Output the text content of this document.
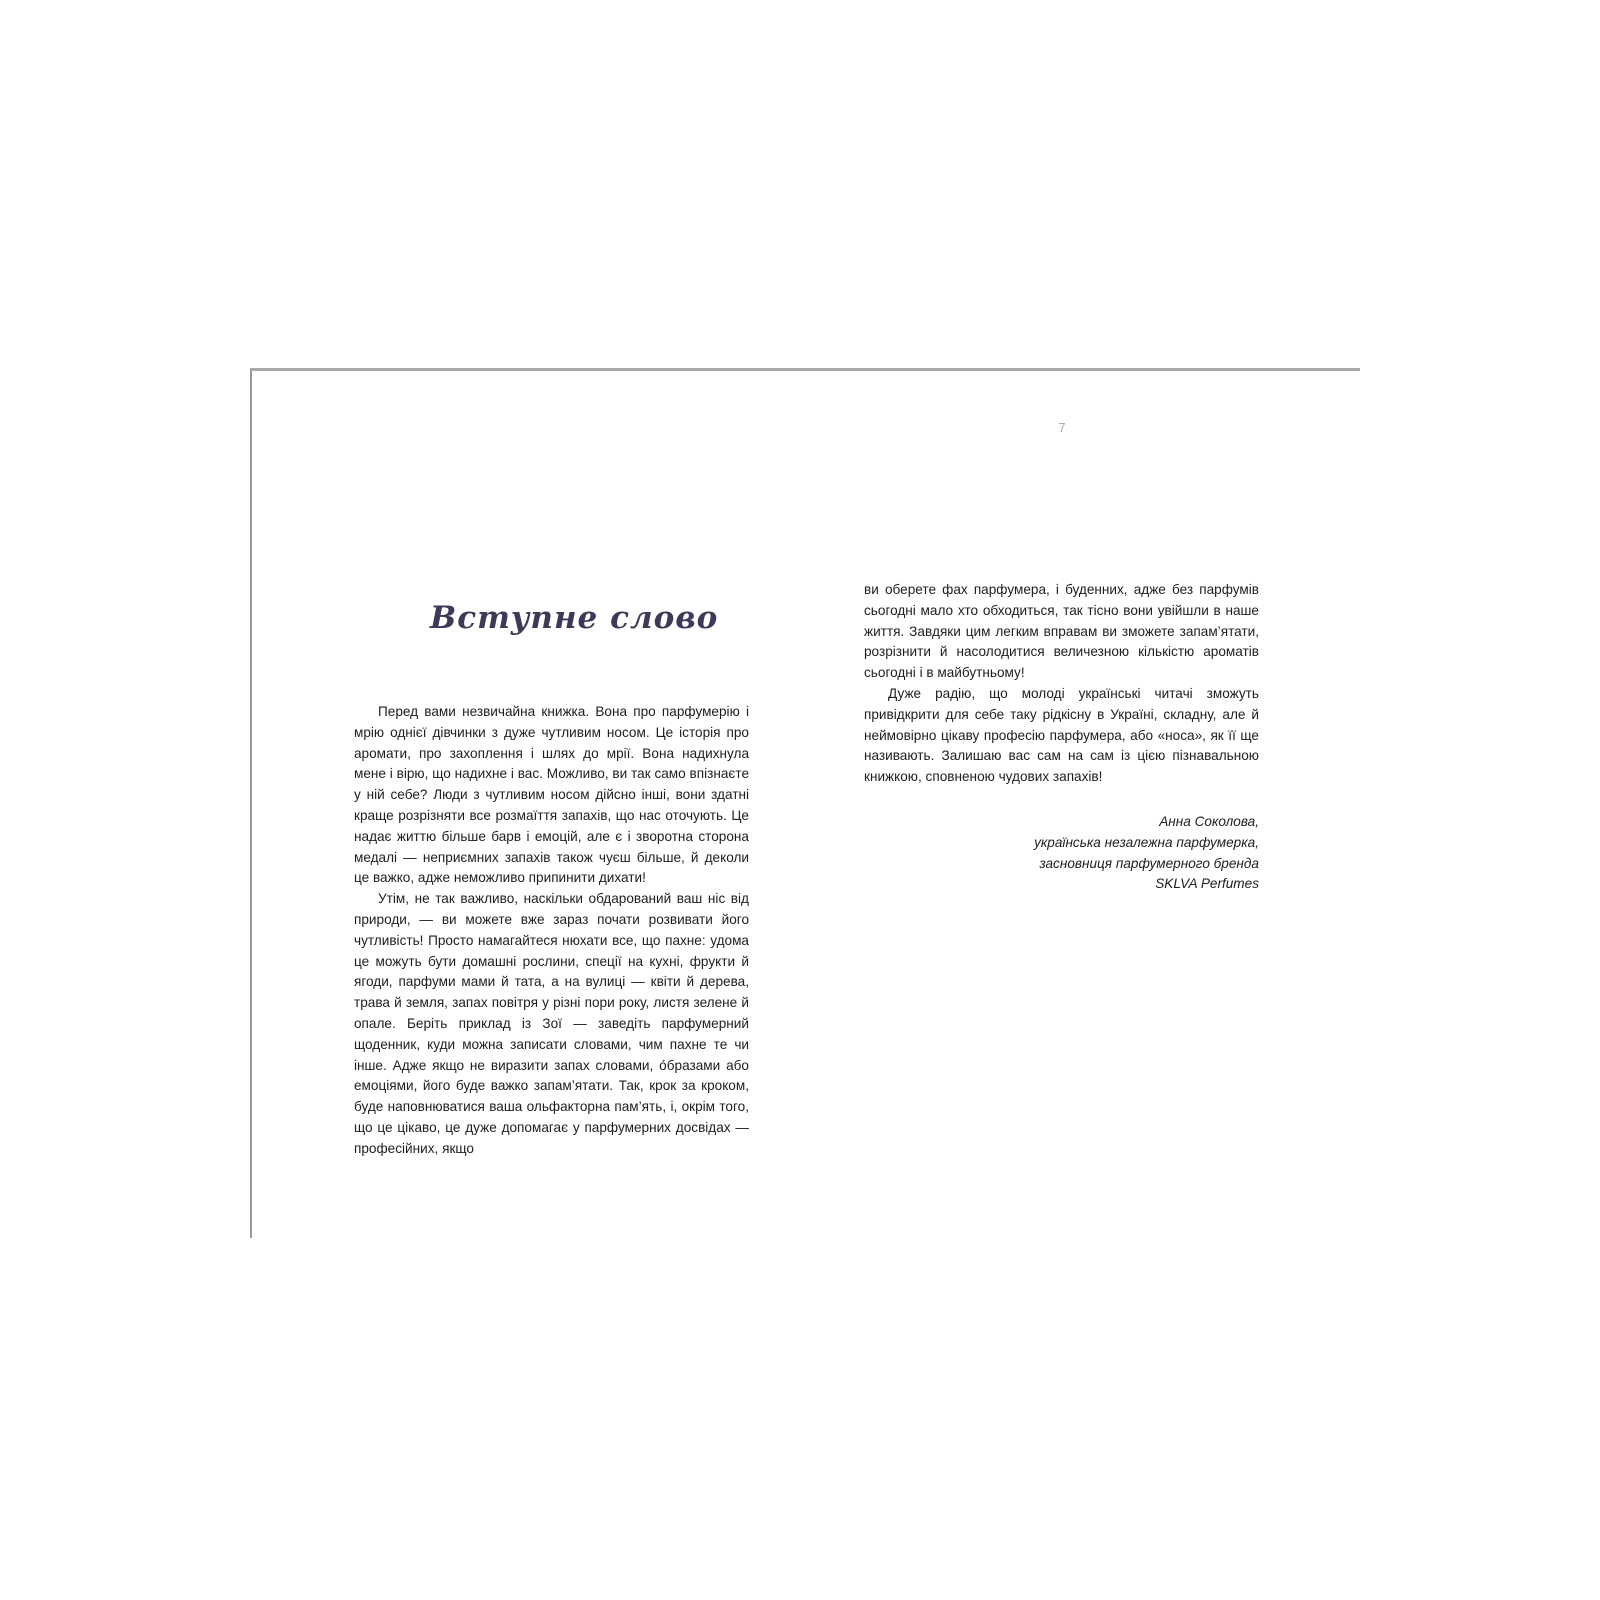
7
Вступне слово

Перед вами незвичайна книжка. Вона про парфумерію і мрію однієї дівчинки з дуже чутливим носом. Це історія про аромати, про захоплення і шлях до мрії. Вона надихнула мене і вірю, що надихне і вас. Можливо, ви так само впізнаєте у ній себе? Люди з чутливим носом дійсно інші, вони здатні краще розрізняти все розмаїття запахів, що нас оточують. Це надає життю більше барв і емоцій, але є і зворотна сторона медалі — неприємних запахів також чуєш більше, й деколи це важко, адже неможливо припинити дихати!

Утім, не так важливо, наскільки обдарований ваш ніс від природи, — ви можете вже зараз почати розвивати його чутливість! Просто намагайтеся нюхати все, що пахне: удома це можуть бути домашні рослини, спеції на кухні, фрукти й ягоди, парфуми мами й тата, а на вулиці — квіти й дерева, трава й земля, запах повітря у різні пори року, листя зелене й опале. Беріть приклад із Зої — заведіть парфумерний щоденник, куди можна записати словами, чим пахне те чи інше. Адже якщо не виразити запах словами, о́бразами або емоціями, його буде важко запам’ятати. Так, крок за кроком, буде наповнюватися ваша ольфакторна пам’ять, і, окрім того, що це цікаво, це дуже допомагає у парфумерних досвідах — професійних, якщо

ви оберете фах парфумера, і буденних, адже без парфумів сьогодні мало хто обходиться, так тісно вони увійшли в наше життя. Завдяки цим легким вправам ви зможете запам’ятати, розрізнити й насолодитися величезною кількістю ароматів сьогодні і в майбутньому!

Дуже радію, що молоді українські читачі зможуть привідкрити для себе таку рідкісну в Україні, складну, але й неймовірно цікаву професію парфумера, або «носа», як її ще називають. Залишаю вас сам на сам із цією пізнавальною книжкою, сповненою чудових запахів!

Анна Соколова,
українська незалежна парфумерка,
засновниця парфумерного бренда
SKLVA Perfumes
